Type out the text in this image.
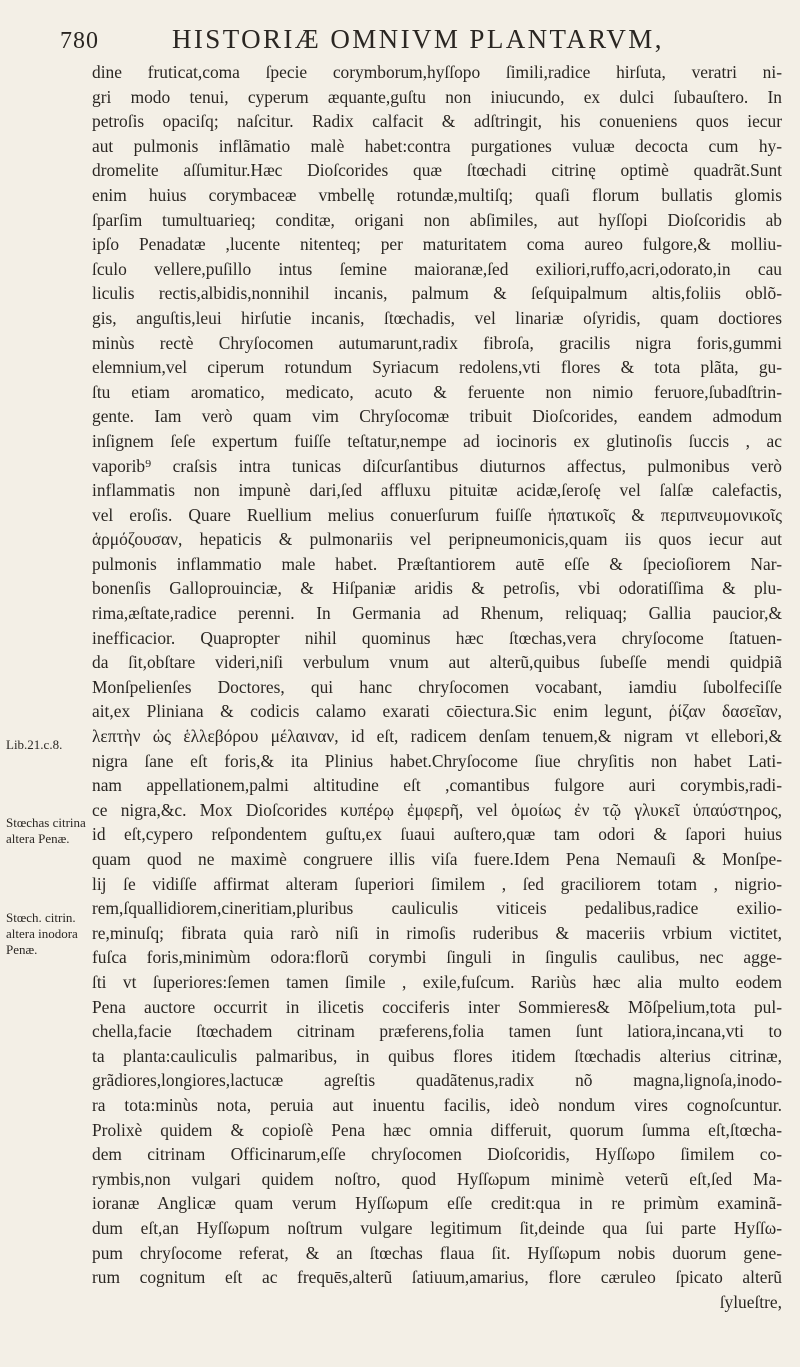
780	HISTORIÆ OMNIVM PLANTARVM,
Lib.21.c.8.
Stœchas citrina altera Penæ.
Stœch. citrin. altera inodora Penæ.
dine fruticat,coma ſpecie corymborum,hyſſopo ſimili,radice hirſuta, veratri ni-
gri modo tenui, cyperum æquante,guſtu non iniucundo, ex dulci ſubauſtero. In
petroſis opaciſq; naſcitur. Radix calfacit & adſtringit, his conueniens quos iecur
aut pulmonis inflãmatio malè habet:contra purgationes vuluæ decocta cum hy-
dromelite aſſumitur.Hæc Dioſcorides quæ ſtœchadi citrinę optimè quadrãt.Sunt
enim huius corymbaceæ vmbellę rotundæ,multiſq; quaſi florum bullatis glomis
ſparſim tumultuarieq; conditæ, origani non abſimiles, aut hyſſopi Dioſcoridis ab
ipſo Penadatæ ,lucente nitenteq; per maturitatem coma aureo fulgore,& molliu-
ſculo vellere,puſillo intus ſemine maioranæ,ſed exiliori,ruffo,acri,odorato,in cau
liculis rectis,albidis,nonnihil incanis, palmum & ſeſquipalmum altis,foliis oblõ-
gis, anguſtis,leui hirſutie incanis, ſtœchadis, vel linariæ oſyridis, quam doctiores
minùs rectè Chryſocomen autumarunt,radix fibroſa, gracilis nigra foris,gummi
elemnium,vel ciperum rotundum Syriacum redolens,vti flores & tota plãta, gu-
ſtu etiam aromatico, medicato, acuto & feruente non nimio feruore,ſubadſtrin-
gente. Iam verò quam vim Chryſocomæ tribuit Dioſcorides, eandem admodum
inſignem ſeſe expertum fuiſſe teſtatur,nempe ad iocinoris ex glutinoſis ſuccis , ac
vaporib⁹ craſsis intra tunicas diſcurſantibus diuturnos affectus, pulmonibus verò
inflammatis non impunè dari,ſed affluxu pituitæ acidæ,ſeroſę vel ſalſæ calefactis,
vel eroſis. Quare Ruellium melius conuerſurum fuiſſe ἡπατικοῖς & περιπνευμονικοῖς
ἁρμόζουσαν, hepaticis & pulmonariis vel peripneumonicis,quam iis quos iecur aut
pulmonis inflammatio male habet. Præſtantiorem autē eſſe & ſpecioſiorem Nar-
bonenſis Galloprouinciæ, & Hiſpaniæ aridis & petroſis, vbi odoratiſſima & plu-
rima,æſtate,radice perenni. In Germania ad Rhenum, reliquaq; Gallia paucior,&
inefficacior. Quapropter nihil quominus hæc ſtœchas,vera chryſocome ſtatuen-
da ſit,obſtare videri,niſi verbulum vnum aut alterũ,quibus ſubeſſe mendi quidpiã
Monſpelienſes Doctores, qui hanc chryſocomen vocabant, iamdiu ſubolfeciſſe
ait,ex Pliniana & codicis calamo exarati cōiectura.Sic enim legunt, ῥίζαν δασεῖαν,
λεπτὴν ὡς ἑλλεβόρου μέλαιναν, id eſt, radicem denſam tenuem,& nigram vt ellebori,&
nigra ſane eſt foris,& ita Plinius habet.Chryſocome ſiue chryſitis non habet Lati-
nam appellationem,palmi altitudine eſt ,comantibus fulgore auri corymbis,radi-
ce nigra,&c. Mox Dioſcorides κυπέρῳ ἐμφερῆ, vel ὁμοίως ἐν τῷ γλυκεῖ ὑπαύστηρος,
id eſt,cypero reſpondentem guſtu,ex ſuaui auſtero,quæ tam odori & ſapori huius
quam quod ne maximè congruere illis viſa fuere.Idem Pena Nemauſi & Monſpe-
lij ſe vidiſſe affirmat alteram ſuperiori ſimilem , ſed graciliorem totam , nigrio-
rem,ſquallidiorem,cineritiam,pluribus cauliculis viticeis pedalibus,radice exilio-
re,minuſq; fibrata quia rarò niſi in rimoſis ruderibus & maceriis vrbium victitet,
fuſca foris,minimùm odora:florũ corymbi ſinguli in ſingulis caulibus, nec agge-
ſti vt ſuperiores:ſemen tamen ſimile , exile,fuſcum. Rariùs hæc alia multo eodem
Pena auctore occurrit in ilicetis cocciferis inter Sommieres& Mõſpelium,tota pul-
chella,facie ſtœchadem citrinam præferens,folia tamen ſunt latiora,incana,vti to
ta planta:cauliculis palmaribus, in quibus flores itidem ſtœchadis alterius citrinæ,
grãdiores,longiores,lactucæ agreſtis quadãtenus,radix nõ magna,lignoſa,inodo-
ra tota:minùs nota, peruia aut inuentu facilis, ideò nondum vires cognoſcuntur.
Prolixè quidem & copioſè Pena hæc omnia differuit, quorum ſumma eſt,ſtœcha-
dem citrinam Officinarum,eſſe chryſocomen Dioſcoridis, Hyſſωpo ſimilem co-
rymbis,non vulgari quidem noſtro, quod Hyſſωpum minimè veterũ eſt,ſed Ma-
ioranæ Anglicæ quam verum Hyſſωpum eſſe credit:qua in re primùm examinã-
dum eſt,an Hyſſωpum noſtrum vulgare legitimum ſit,deinde qua ſui parte Hyſſω-
pum chryſocome referat, & an ſtœchas flaua ſit. Hyſſωpum nobis duorum gene-
rum cognitum eſt ac frequēs,alterũ ſatiuum,amarius, flore cæruleo ſpicato alterũ
ſylueſtre,
